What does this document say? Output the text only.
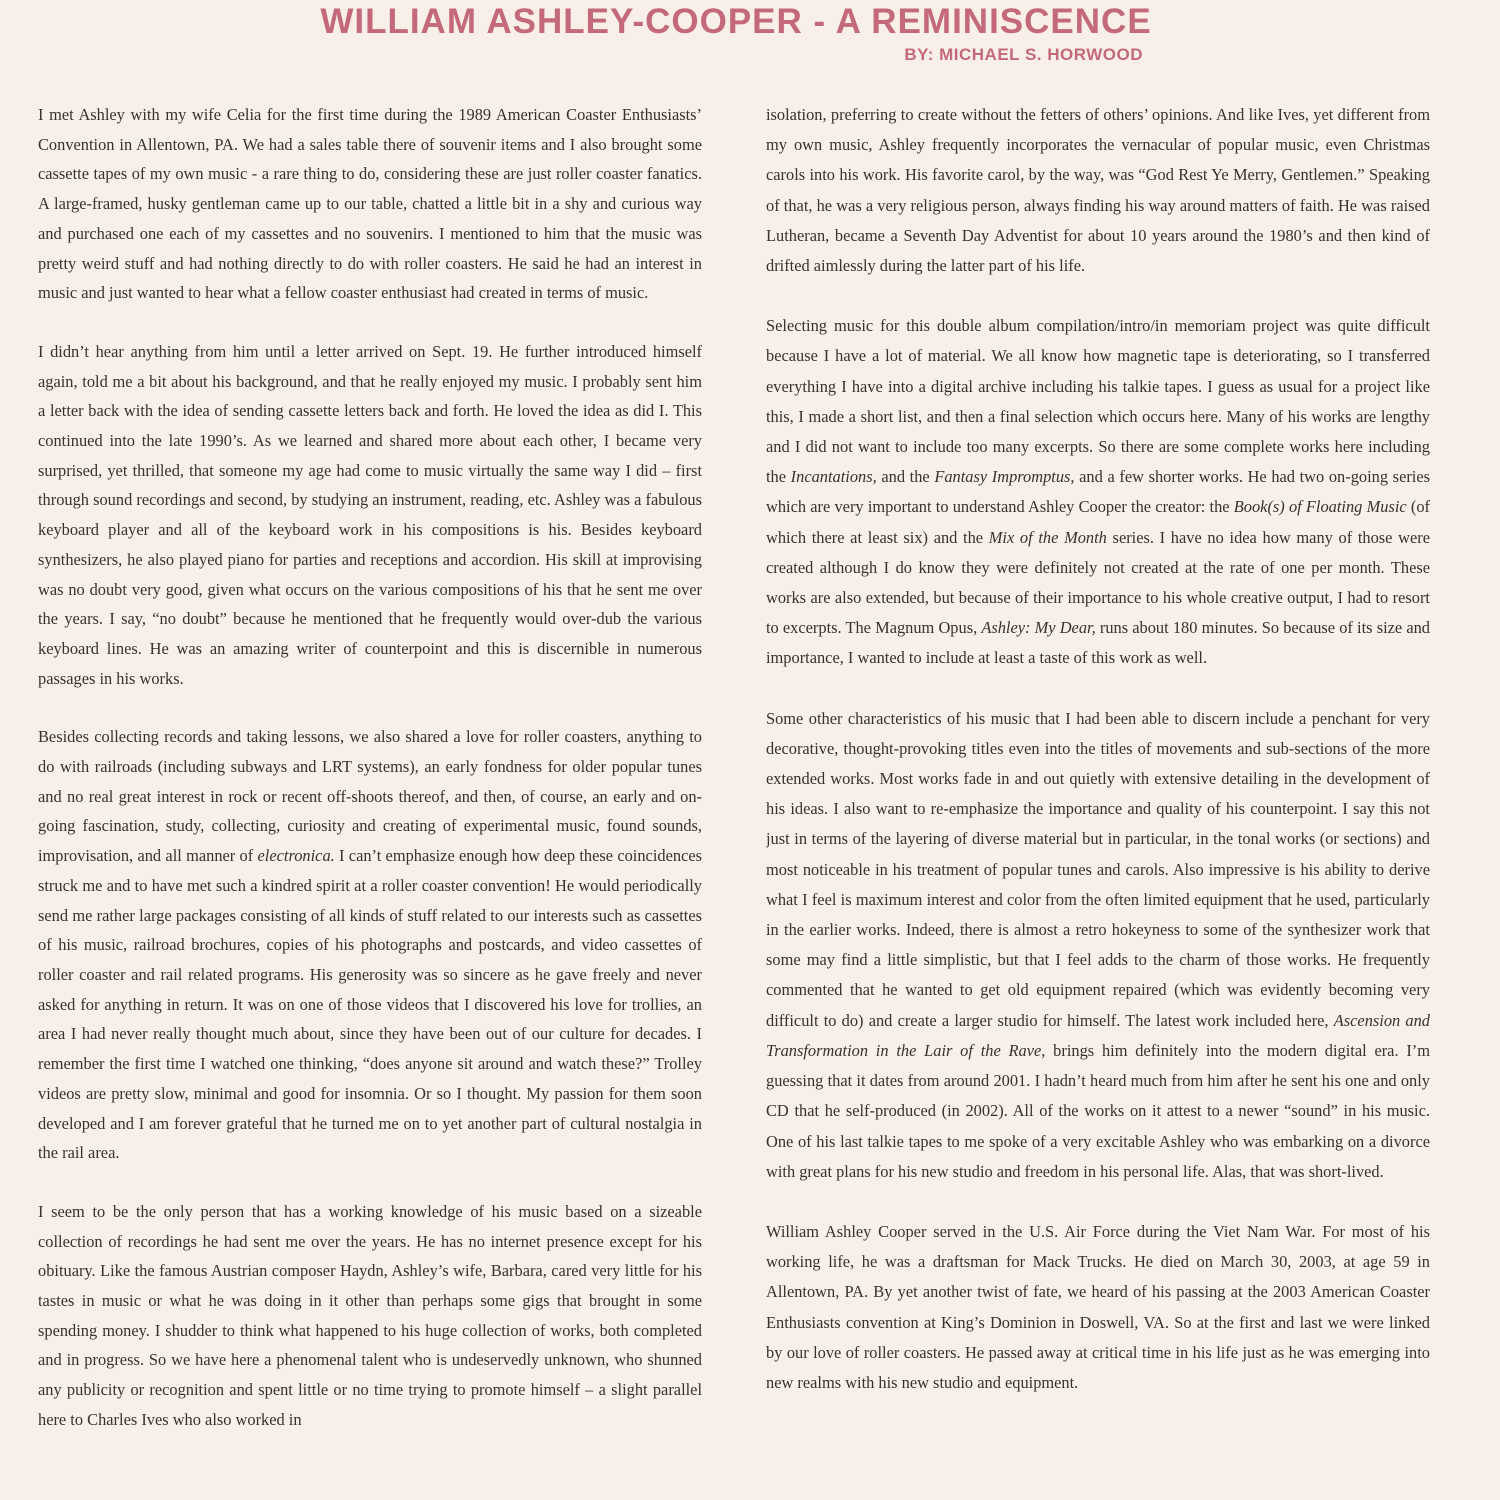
WILLIAM ASHLEY-COOPER - A REMINISCENCE
BY: MICHAEL S. HORWOOD

I met Ashley with my wife Celia for the first time during the 1989 American Coaster Enthusiasts’ Convention in Allentown, PA. We had a sales table there of souvenir items and I also brought some cassette tapes of my own music - a rare thing to do, considering these are just roller coaster fanatics. A large-framed, husky gentleman came up to our table, chatted a little bit in a shy and curious way and purchased one each of my cassettes and no souvenirs. I mentioned to him that the music was pretty weird stuff and had nothing directly to do with roller coasters. He said he had an interest in music and just wanted to hear what a fellow coaster enthusiast had created in terms of music.

I didn’t hear anything from him until a letter arrived on Sept. 19. He further introduced himself again, told me a bit about his background, and that he really enjoyed my music. I probably sent him a letter back with the idea of sending cassette letters back and forth. He loved the idea as did I. This continued into the late 1990’s. As we learned and shared more about each other, I became very surprised, yet thrilled, that someone my age had come to music virtually the same way I did – first through sound recordings and second, by studying an instrument, reading, etc. Ashley was a fabulous keyboard player and all of the keyboard work in his compositions is his. Besides keyboard synthesizers, he also played piano for parties and receptions and accordion. His skill at improvising was no doubt very good, given what occurs on the various compositions of his that he sent me over the years. I say, “no doubt” because he mentioned that he frequently would over-dub the various keyboard lines. He was an amazing writer of counterpoint and this is discernible in numerous passages in his works.

Besides collecting records and taking lessons, we also shared a love for roller coasters, anything to do with railroads (including subways and LRT systems), an early fondness for older popular tunes and no real great interest in rock or recent off-shoots thereof, and then, of course, an early and on-going fascination, study, collecting, curiosity and creating of experimental music, found sounds, improvisation, and all manner of electronica. I can’t emphasize enough how deep these coincidences struck me and to have met such a kindred spirit at a roller coaster convention! He would periodically send me rather large packages consisting of all kinds of stuff related to our interests such as cassettes of his music, railroad brochures, copies of his photographs and postcards, and video cassettes of roller coaster and rail related programs. His generosity was so sincere as he gave freely and never asked for anything in return. It was on one of those videos that I discovered his love for trollies, an area I had never really thought much about, since they have been out of our culture for decades. I remember the first time I watched one thinking, “does anyone sit around and watch these?” Trolley videos are pretty slow, minimal and good for insomnia. Or so I thought. My passion for them soon developed and I am forever grateful that he turned me on to yet another part of cultural nostalgia in the rail area.

I seem to be the only person that has a working knowledge of his music based on a sizeable collection of recordings he had sent me over the years. He has no internet presence except for his obituary. Like the famous Austrian composer Haydn, Ashley’s wife, Barbara, cared very little for his tastes in music or what he was doing in it other than perhaps some gigs that brought in some spending money. I shudder to think what happened to his huge collection of works, both completed and in progress. So we have here a phenomenal talent who is undeservedly unknown, who shunned any publicity or recognition and spent little or no time trying to promote himself – a slight parallel here to Charles Ives who also worked in

isolation, preferring to create without the fetters of others’ opinions. And like Ives, yet different from my own music, Ashley frequently incorporates the vernacular of popular music, even Christmas carols into his work. His favorite carol, by the way, was “God Rest Ye Merry, Gentlemen.” Speaking of that, he was a very religious person, always finding his way around matters of faith. He was raised Lutheran, became a Seventh Day Adventist for about 10 years around the 1980’s and then kind of drifted aimlessly during the latter part of his life.

Selecting music for this double album compilation/intro/in memoriam project was quite difficult because I have a lot of material. We all know how magnetic tape is deteriorating, so I transferred everything I have into a digital archive including his talkie tapes. I guess as usual for a project like this, I made a short list, and then a final selection which occurs here. Many of his works are lengthy and I did not want to include too many excerpts. So there are some complete works here including the Incantations, and the Fantasy Impromptus, and a few shorter works. He had two on-going series which are very important to understand Ashley Cooper the creator: the Book(s) of Floating Music (of which there at least six) and the Mix of the Month series. I have no idea how many of those were created although I do know they were definitely not created at the rate of one per month. These works are also extended, but because of their importance to his whole creative output, I had to resort to excerpts. The Magnum Opus, Ashley: My Dear, runs about 180 minutes. So because of its size and importance, I wanted to include at least a taste of this work as well.

Some other characteristics of his music that I had been able to discern include a penchant for very decorative, thought-provoking titles even into the titles of movements and sub-sections of the more extended works. Most works fade in and out quietly with extensive detailing in the development of his ideas. I also want to re-emphasize the importance and quality of his counterpoint. I say this not just in terms of the layering of diverse material but in particular, in the tonal works (or sections) and most noticeable in his treatment of popular tunes and carols. Also impressive is his ability to derive what I feel is maximum interest and color from the often limited equipment that he used, particularly in the earlier works. Indeed, there is almost a retro hokeyness to some of the synthesizer work that some may find a little simplistic, but that I feel adds to the charm of those works. He frequently commented that he wanted to get old equipment repaired (which was evidently becoming very difficult to do) and create a larger studio for himself. The latest work included here, Ascension and Transformation in the Lair of the Rave, brings him definitely into the modern digital era. I’m guessing that it dates from around 2001. I hadn’t heard much from him after he sent his one and only CD that he self-produced (in 2002). All of the works on it attest to a newer “sound” in his music. One of his last talkie tapes to me spoke of a very excitable Ashley who was embarking on a divorce with great plans for his new studio and freedom in his personal life. Alas, that was short-lived.

William Ashley Cooper served in the U.S. Air Force during the Viet Nam War. For most of his working life, he was a draftsman for Mack Trucks. He died on March 30, 2003, at age 59 in Allentown, PA. By yet another twist of fate, we heard of his passing at the 2003 American Coaster Enthusiasts convention at King’s Dominion in Doswell, VA. So at the first and last we were linked by our love of roller coasters. He passed away at critical time in his life just as he was emerging into new realms with his new studio and equipment.
